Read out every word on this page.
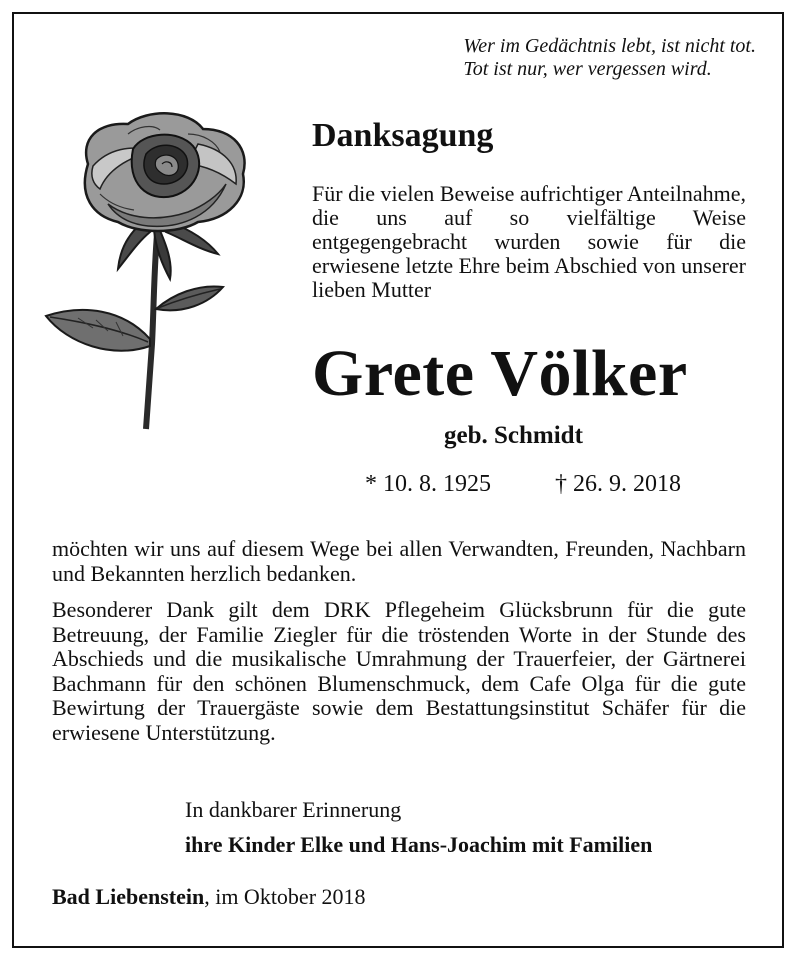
Wer im Gedächtnis lebt, ist nicht tot.
Tot ist nur, wer vergessen wird.
Danksagung
Für die vielen Beweise aufrichtiger Anteilnahme, die uns auf so vielfältige Weise entgegengebracht wurden sowie für die erwiesene letzte Ehre beim Abschied von unserer lieben Mutter
Grete Völker
geb. Schmidt
* 10. 8. 1925	† 26. 9. 2018
möchten wir uns auf diesem Wege bei allen Verwandten, Freunden, Nachbarn und Bekannten herzlich bedanken.
Besonderer Dank gilt dem DRK Pflegeheim Glücksbrunn für die gute Betreuung, der Familie Ziegler für die tröstenden Worte in der Stunde des Abschieds und die musikalische Umrahmung der Trauerfeier, der Gärtnerei Bachmann für den schönen Blumenschmuck, dem Cafe Olga für die gute Bewirtung der Trauergäste sowie dem Bestattungsinstitut Schäfer für die erwiesene Unterstützung.
In dankbarer Erinnerung
ihre Kinder Elke und Hans-Joachim mit Familien
Bad Liebenstein, im Oktober 2018
